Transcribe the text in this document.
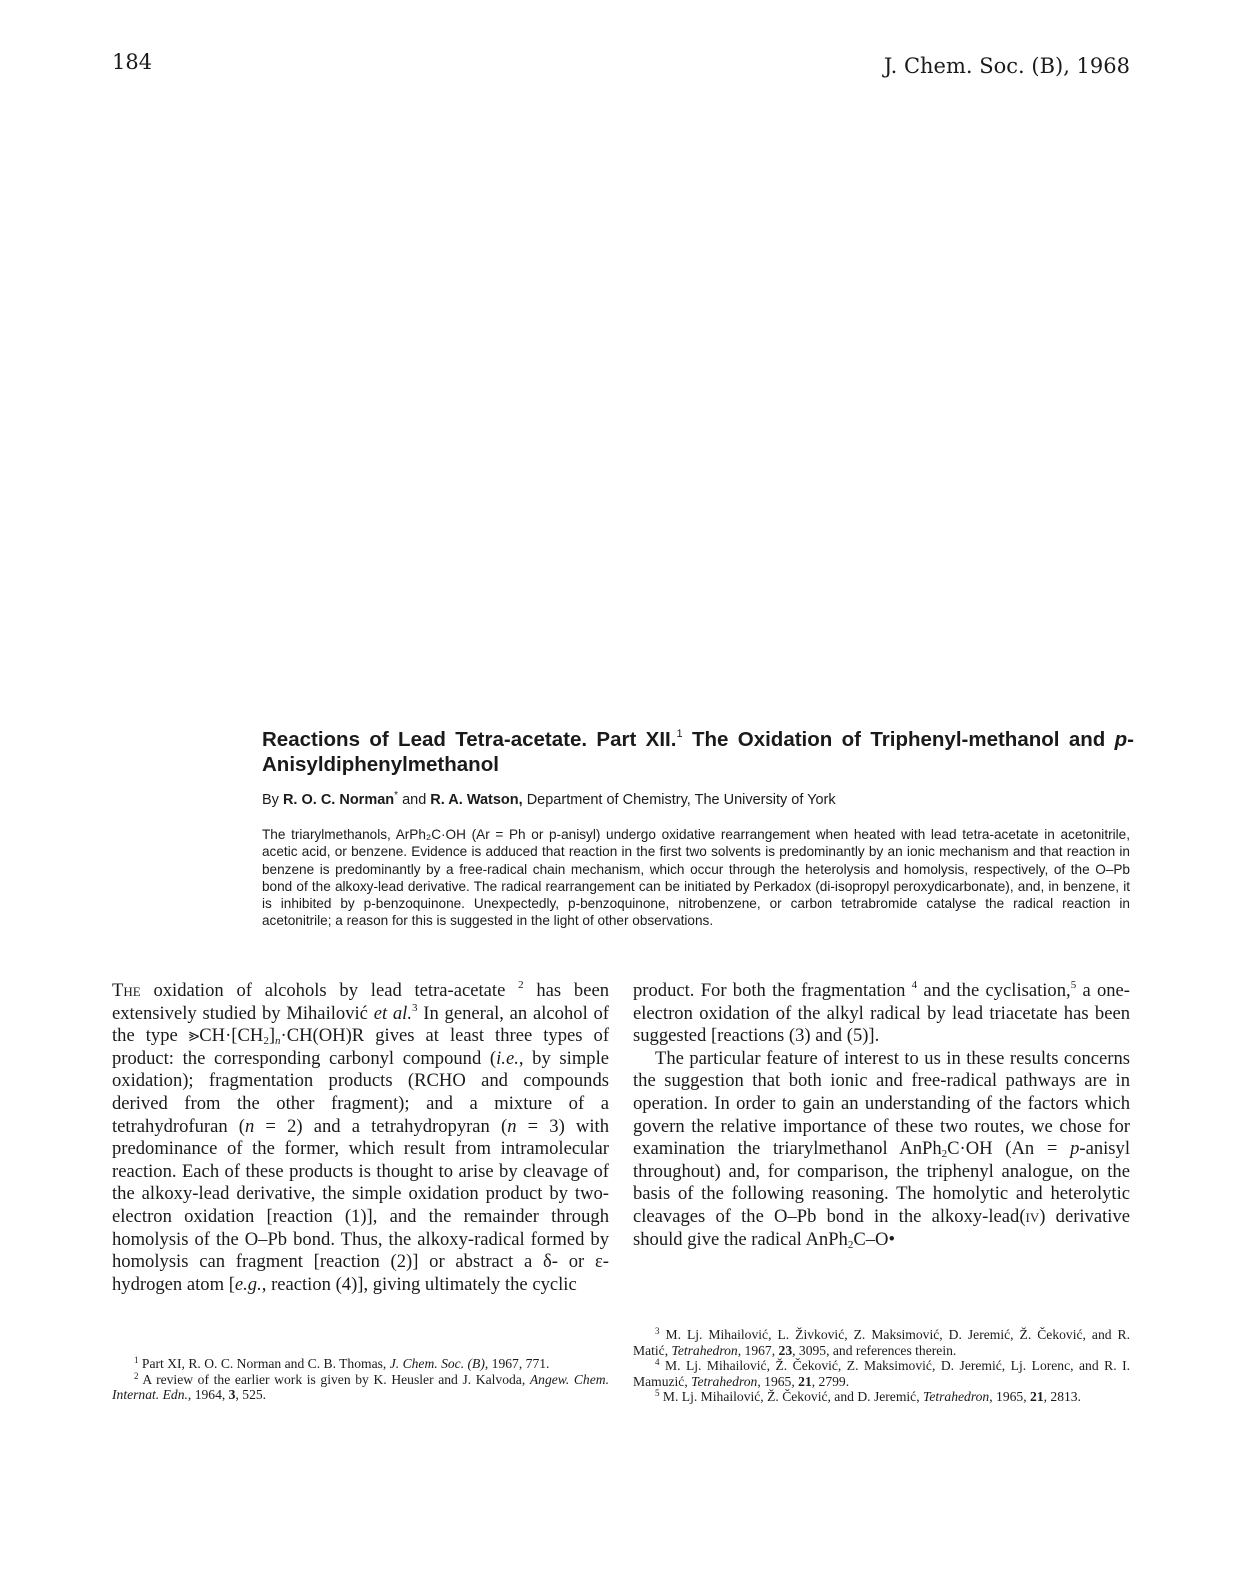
184	J. Chem. Soc. (B), 1968
Reactions of Lead Tetra-acetate. Part XII.$^1$ The Oxidation of Triphenyl-methanol and p-Anisyldiphenylmethanol
By R. O. C. Norman* and R. A. Watson, Department of Chemistry, The University of York
The triarylmethanols, ArPh₂C·OH (Ar = Ph or p-anisyl) undergo oxidative rearrangement when heated with lead tetra-acetate in acetonitrile, acetic acid, or benzene. Evidence is adduced that reaction in the first two solvents is predominantly by an ionic mechanism and that reaction in benzene is predominantly by a free-radical chain mechanism, which occur through the heterolysis and homolysis, respectively, of the O–Pb bond of the alkoxy-lead derivative. The radical rearrangement can be initiated by Perkadox (di-isopropyl peroxydicarbonate), and, in benzene, it is inhibited by p-benzoquinone. Unexpectedly, p-benzoquinone, nitrobenzene, or carbon tetrabromide catalyse the radical reaction in acetonitrile; a reason for this is suggested in the light of other observations.

The oxidation of alcohols by lead tetra-acetate $^2$ has been extensively studied by Mihailović et al.$^3$ In general, an alcohol of the type $⪢CH\cdot[CH_2]_n\cdot CH(OH)R$ gives at least three types of product: the corresponding carbonyl compound (i.e., by simple oxidation); fragmentation products (RCHO and compounds derived from the other fragment); and a mixture of a tetrahydrofuran (n = 2) and a tetrahydropyran (n = 3) with predominance of the former, which result from intramolecular reaction. Each of these products is thought to arise by cleavage of the alkoxy-lead derivative, the simple oxidation product by two-electron oxidation [reaction (1)], and the remainder through homolysis of the O–Pb bond. Thus, the alkoxy-radical formed by homolysis can fragment [reaction (2)] or abstract a δ- or ε-hydrogen atom [e.g., reaction (4)], giving ultimately the cyclic

product. For both the fragmentation $^4$ and the cyclisation,$^5$ a one-electron oxidation of the alkyl radical by lead triacetate has been suggested [reactions (3) and (5)].

The particular feature of interest to us in these results concerns the suggestion that both ionic and free-radical pathways are in operation. In order to gain an understanding of the factors which govern the relative importance of these two routes, we chose for examination the triarylmethanol AnPh$_2$C·OH (An = p-anisyl throughout) and, for comparison, the triphenyl analogue, on the basis of the following reasoning. The homolytic and heterolytic cleavages of the O–Pb bond in the alkoxy-lead(iv) derivative should give the radical AnPh$_2$C–O•

$^1$ Part XI, R. O. C. Norman and C. B. Thomas, J. Chem. Soc. (B), 1967, 771.

$^2$ A review of the earlier work is given by K. Heusler and J. Kalvoda, Angew. Chem. Internat. Edn., 1964, 3, 525.

$^3$ M. Lj. Mihailović, L. Živković, Z. Maksimović, D. Jeremić, Ž. Čeković, and R. Matić, Tetrahedron, 1967, 23, 3095, and references therein.

$^4$ M. Lj. Mihailović, Ž. Čeković, Z. Maksimović, D. Jeremić, Lj. Lorenc, and R. I. Mamuzić, Tetrahedron, 1965, 21, 2799.

$^5$ M. Lj. Mihailović, Ž. Čeković, and D. Jeremić, Tetrahedron, 1965, 21, 2813.
